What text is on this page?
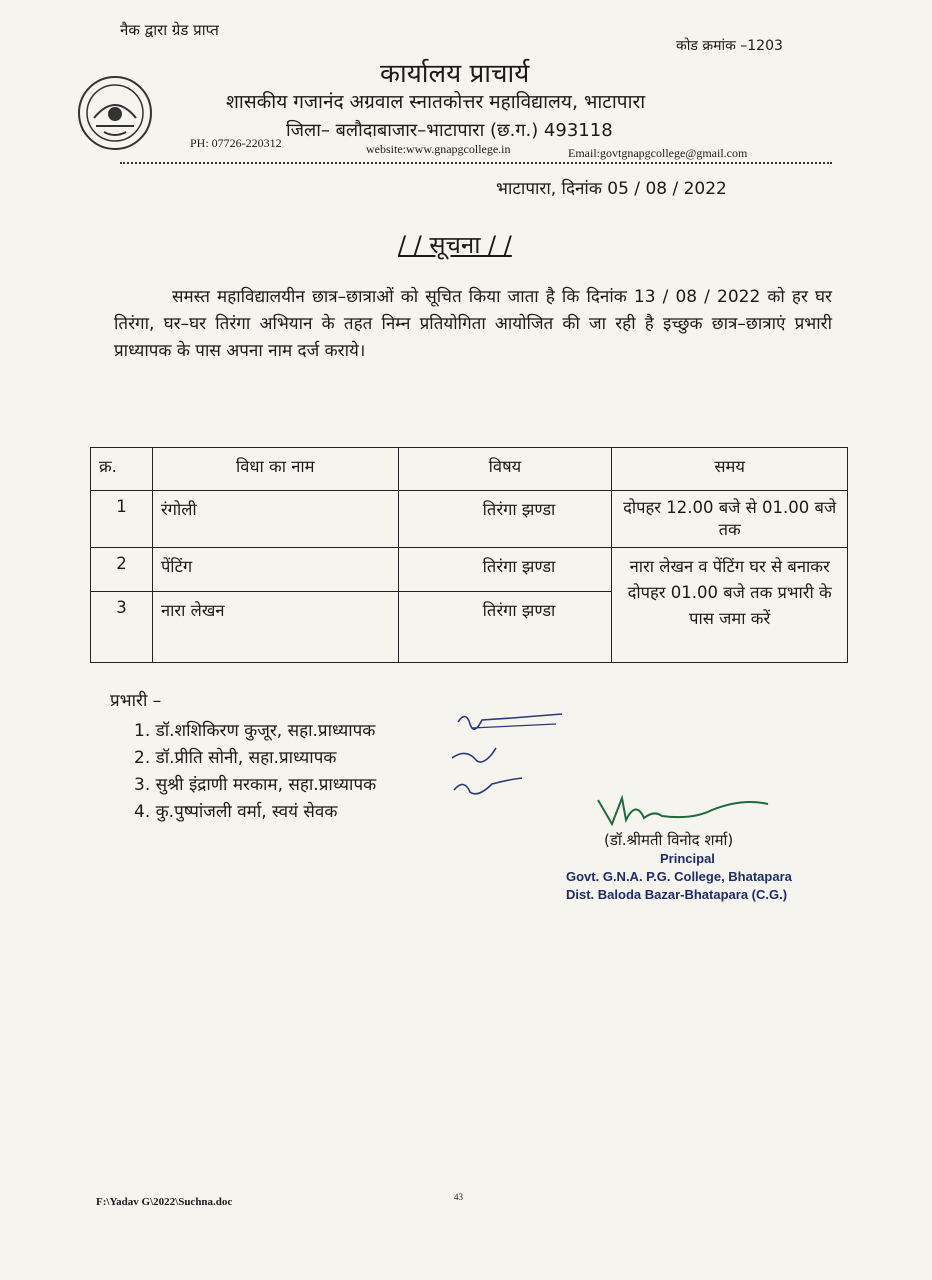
नैक द्वारा ग्रेड प्राप्त
कोड क्रमांक –1203
कार्यालय प्राचार्य
शासकीय गजानंद अग्रवाल स्नातकोत्तर महाविद्यालय, भाटापारा
जिला– बलौदाबाजार–भाटापारा (छ.ग.) 493118
PH: 07726-220312	website:www.gnapgcollege.in	Email:govtgnapgcollege@gmail.com
भाटापारा, दिनांक 05 / 08 / 2022
/ / सूचना / /
समस्त महाविद्यालयीन छात्र–छात्राओं को सूचित किया जाता है कि दिनांक 13 / 08 / 2022 को हर घर तिरंगा, घर–घर तिरंगा अभियान के तहत निम्न प्रतियोगिता आयोजित की जा रही है इच्छुक छात्र–छात्राएं प्रभारी प्राध्यापक के पास अपना नाम दर्ज कराये।
क्र.	विधा का नाम	विषय	समय
1	रंगोली	तिरंगा झण्डा	दोपहर 12.00 बजे से 01.00 बजे तक
2	पेंटिंग	तिरंगा झण्डा	नारा लेखन व पेंटिंग घर से बनाकर दोपहर 01.00 बजे तक प्रभारी के पास जमा करें
3	नारा लेखन	तिरंगा झण्डा	
प्रभारी –
1. डॉ.शशिकिरण कुजूर, सहा.प्राध्यापक
2. डॉ.प्रीति सोनी, सहा.प्राध्यापक
3. सुश्री इंद्राणी मरकाम, सहा.प्राध्यापक
4. कु.पुष्पांजली वर्मा, स्वयं सेवक
(डॉ.श्रीमती विनोद शर्मा)
Principal
Govt. G.N.A. P.G. College, Bhatapara
Dist. Baloda Bazar-Bhatapara (C.G.)
F:\Yadav G\2022\Suchna.doc	43
